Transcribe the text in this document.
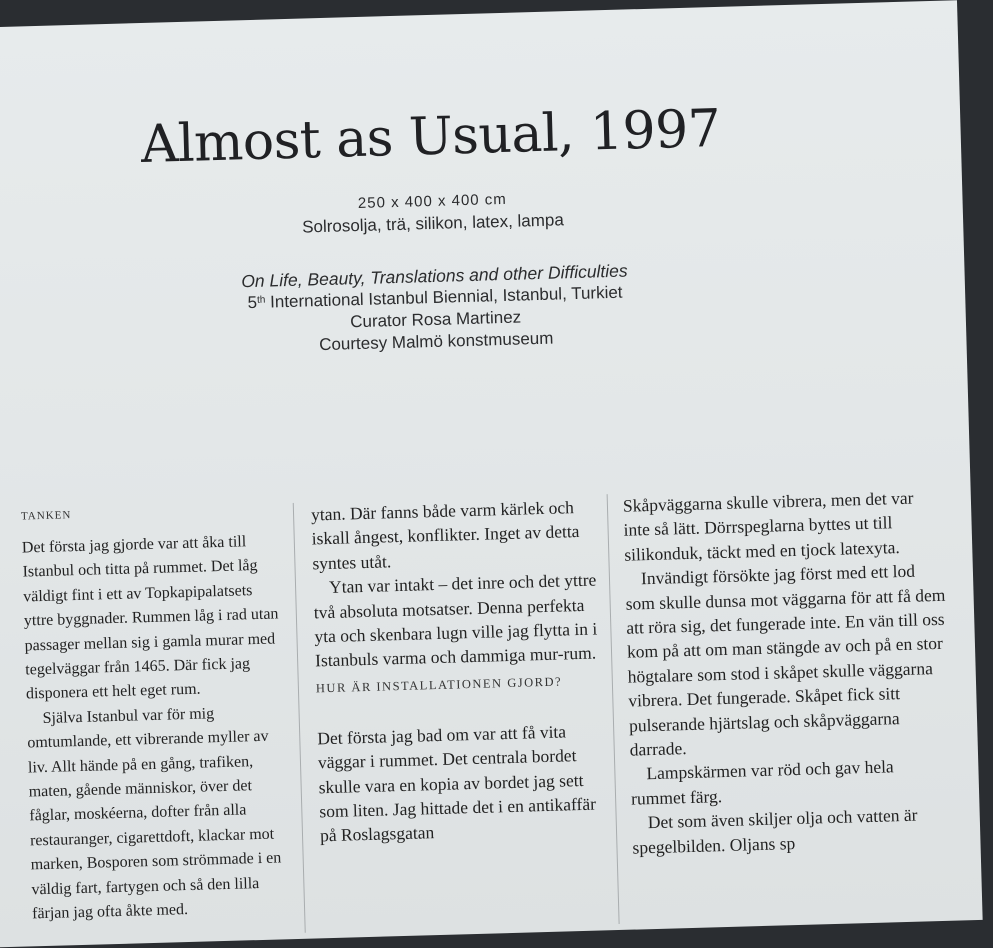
Almost as Usual, 1997
250 x 400 x 400 cm
Solrosolja, trä, silikon, latex, lampa
On Life, Beauty, Translations and other Difficulties
5th International Istanbul Biennial, Istanbul, Turkiet
Curator Rosa Martinez
Courtesy Malmö konstmuseum
TANKEN

Det första jag gjorde var att åka till Istanbul och titta på rummet. Det låg väldigt fint i ett av Topkapipalatsets yttre byggnader. Rummen låg i rad utan passager mellan sig i gamla murar med tegelväggar från 1465. Där fick jag disponera ett helt eget rum.

Själva Istanbul var för mig omtumlande, ett vibrerande myller av liv. Allt hände på en gång, trafiken, maten, gående människor, över det fåglar, moskéerna, dofter från alla restauranger, cigarettdoft, klackar mot marken, Bosporen som strömmade i en väldig fart, fartygen och så den lilla färjan jag ofta åkte med.

ytan. Där fanns både varm kärlek och iskall ångest, konflikter. Inget av detta syntes utåt.

Ytan var intakt – det inre och det yttre två absoluta motsatser. Denna perfekta yta och skenbara lugn ville jag flytta in i Istanbuls varma och dammiga mur-rum.

HUR ÄR INSTALLATIONEN GJORD?

Det första jag bad om var att få vita väggar i rummet. Det centrala bordet skulle vara en kopia av bordet jag sett som liten. Jag hittade det i en antikaffär på Roslagsgatan

Skåpväggarna skulle vibrera, men det var inte så lätt. Dörrspeglarna byttes ut till silikonduk, täckt med en tjock latexyta.

Invändigt försökte jag först med ett lod som skulle dunsa mot väggarna för att få dem att röra sig, det fungerade inte. En vän till oss kom på att om man stängde av och på en stor högtalare som stod i skåpet skulle väggarna vibrera. Det fungerade. Skåpet fick sitt pulserande hjärtslag och skåpväggarna darrade.

Lampskärmen var röd och gav hela rummet färg.

Det som även skiljer olja och vatten är spegelbilden. Oljans sp
